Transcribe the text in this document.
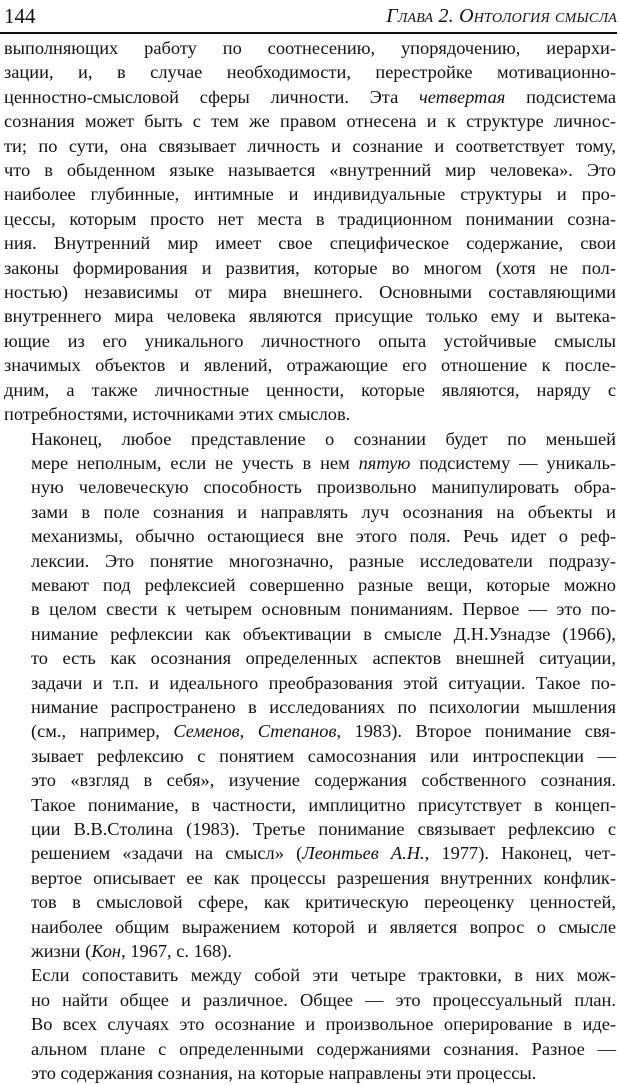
144	Глава 2. Онтология смысла

выполняющих работу по соотнесению, упорядочению, иерархи-
зации, и, в случае необходимости, перестройке мотивационно-
ценностно-смысловой сферы личности. Эта четвертая подсистема
сознания может быть с тем же правом отнесена и к структуре личнос-
ти; по сути, она связывает личность и сознание и соответствует тому,
что в обыденном языке называется «внутренний мир человека». Это
наиболее глубинные, интимные и индивидуальные структуры и про-
цессы, которым просто нет места в традиционном понимании созна-
ния. Внутренний мир имеет свое специфическое содержание, свои
законы формирования и развития, которые во многом (хотя не пол-
ностью) независимы от мира внешнего. Основными составляющими
внутреннего мира человека являются присущие только ему и вытека-
ющие из его уникального личностного опыта устойчивые смыслы
значимых объектов и явлений, отражающие его отношение к после-
дним, а также личностные ценности, которые являются, наряду с
потребностями, источниками этих смыслов.

Наконец, любое представление о сознании будет по меньшей
мере неполным, если не учесть в нем пятую подсистему — уникаль-
ную человеческую способность произвольно манипулировать обра-
зами в поле сознания и направлять луч осознания на объекты и
механизмы, обычно остающиеся вне этого поля. Речь идет о реф-
лексии. Это понятие многозначно, разные исследователи подразу-
мевают под рефлексией совершенно разные вещи, которые можно
в целом свести к четырем основным пониманиям. Первое — это по-
нимание рефлексии как объективации в смысле Д.Н.Узнадзе (1966),
то есть как осознания определенных аспектов внешней ситуации,
задачи и т.п. и идеального преобразования этой ситуации. Такое по-
нимание распространено в исследованиях по психологии мышления
(см., например, Семенов, Степанов, 1983). Второе понимание свя-
зывает рефлексию с понятием самосознания или интроспекции —
это «взгляд в себя», изучение содержания собственного сознания.
Такое понимание, в частности, имплицитно присутствует в концеп-
ции В.В.Столина (1983). Третье понимание связывает рефлексию с
решением «задачи на смысл» (Леонтьев А.Н., 1977). Наконец, чет-
вертое описывает ее как процессы разрешения внутренних конфлик-
тов в смысловой сфере, как критическую переоценку ценностей,
наиболее общим выражением которой и является вопрос о смысле
жизни (Кон, 1967, с. 168).

Если сопоставить между собой эти четыре трактовки, в них мож-
но найти общее и различное. Общее — это процессуальный план.
Во всех случаях это осознание и произвольное оперирование в иде-
альном плане с определенными содержаниями сознания. Разное —
это содержания сознания, на которые направлены эти процессы.
